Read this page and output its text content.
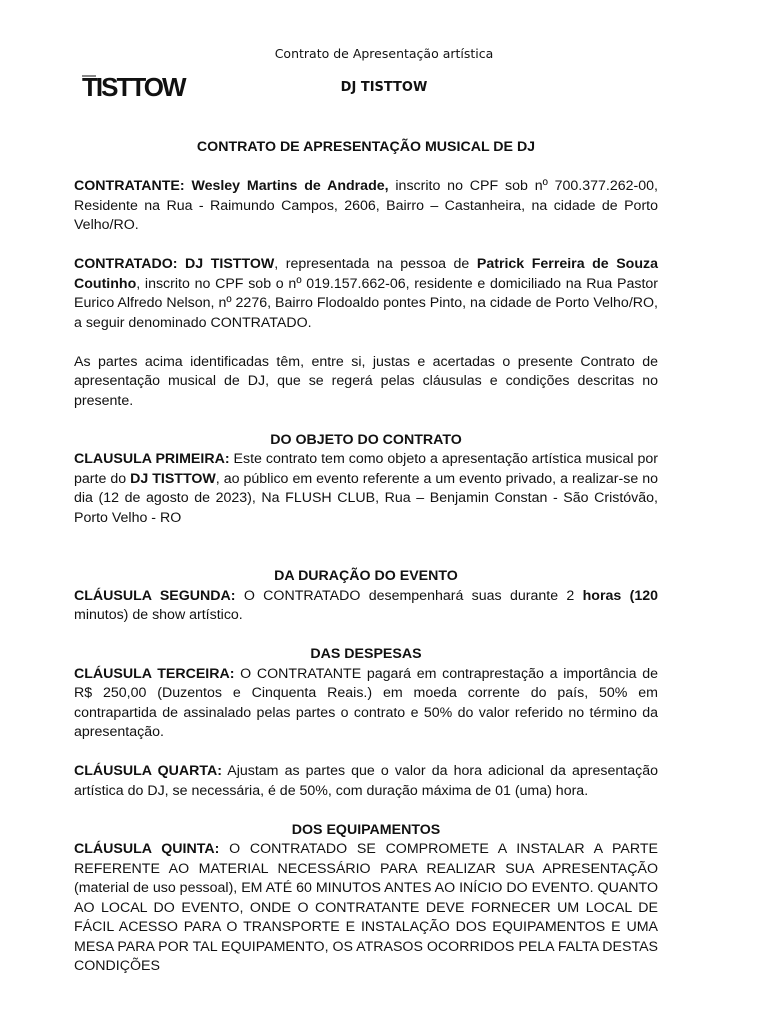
Contrato de Apresentação artística
TISTTOW	DJ TISTTOW

CONTRATO DE APRESENTAÇÃO MUSICAL DE DJ

CONTRATANTE: Wesley Martins de Andrade, inscrito no CPF sob nº 700.377.262-00, Residente na Rua - Raimundo Campos, 2606, Bairro – Castanheira, na cidade de Porto Velho/RO.

CONTRATADO: DJ TISTTOW, representada na pessoa de Patrick Ferreira de Souza Coutinho, inscrito no CPF sob o nº 019.157.662-06, residente e domiciliado na Rua Pastor Eurico Alfredo Nelson, nº 2276, Bairro Flodoaldo pontes Pinto, na cidade de Porto Velho/RO, a seguir denominado CONTRATADO.

As partes acima identificadas têm, entre si, justas e acertadas o presente Contrato de apresentação musical de DJ, que se regerá pelas cláusulas e condições descritas no presente.

DO OBJETO DO CONTRATO

CLAUSULA PRIMEIRA: Este contrato tem como objeto a apresentação artística musical por parte do DJ TISTTOW, ao público em evento referente a um evento privado, a realizar-se no dia (12 de agosto de 2023), Na FLUSH CLUB, Rua – Benjamin Constan - São Cristóvão, Porto Velho - RO

DA DURAÇÃO DO EVENTO

CLÁUSULA SEGUNDA: O CONTRATADO desempenhará suas durante 2 horas (120 minutos) de show artístico.

DAS DESPESAS

CLÁUSULA TERCEIRA: O CONTRATANTE pagará em contraprestação a importância de R$ 250,00 (Duzentos e Cinquenta Reais.) em moeda corrente do país, 50% em contrapartida de assinalado pelas partes o contrato e 50% do valor referido no término da apresentação.

CLÁUSULA QUARTA: Ajustam as partes que o valor da hora adicional da apresentação artística do DJ, se necessária, é de 50%, com duração máxima de 01 (uma) hora.

DOS EQUIPAMENTOS

CLÁUSULA QUINTA: O CONTRATADO SE COMPROMETE A INSTALAR A PARTE REFERENTE AO MATERIAL NECESSÁRIO PARA REALIZAR SUA APRESENTAÇÃO (material de uso pessoal), EM ATÉ 60 MINUTOS ANTES AO INÍCIO DO EVENTO. QUANTO AO LOCAL DO EVENTO, ONDE O CONTRATANTE DEVE FORNECER UM LOCAL DE FÁCIL ACESSO PARA O TRANSPORTE E INSTALAÇÃO DOS EQUIPAMENTOS E UMA MESA PARA POR TAL EQUIPAMENTO, OS ATRASOS OCORRIDOS PELA FALTA DESTAS CONDIÇÕES
